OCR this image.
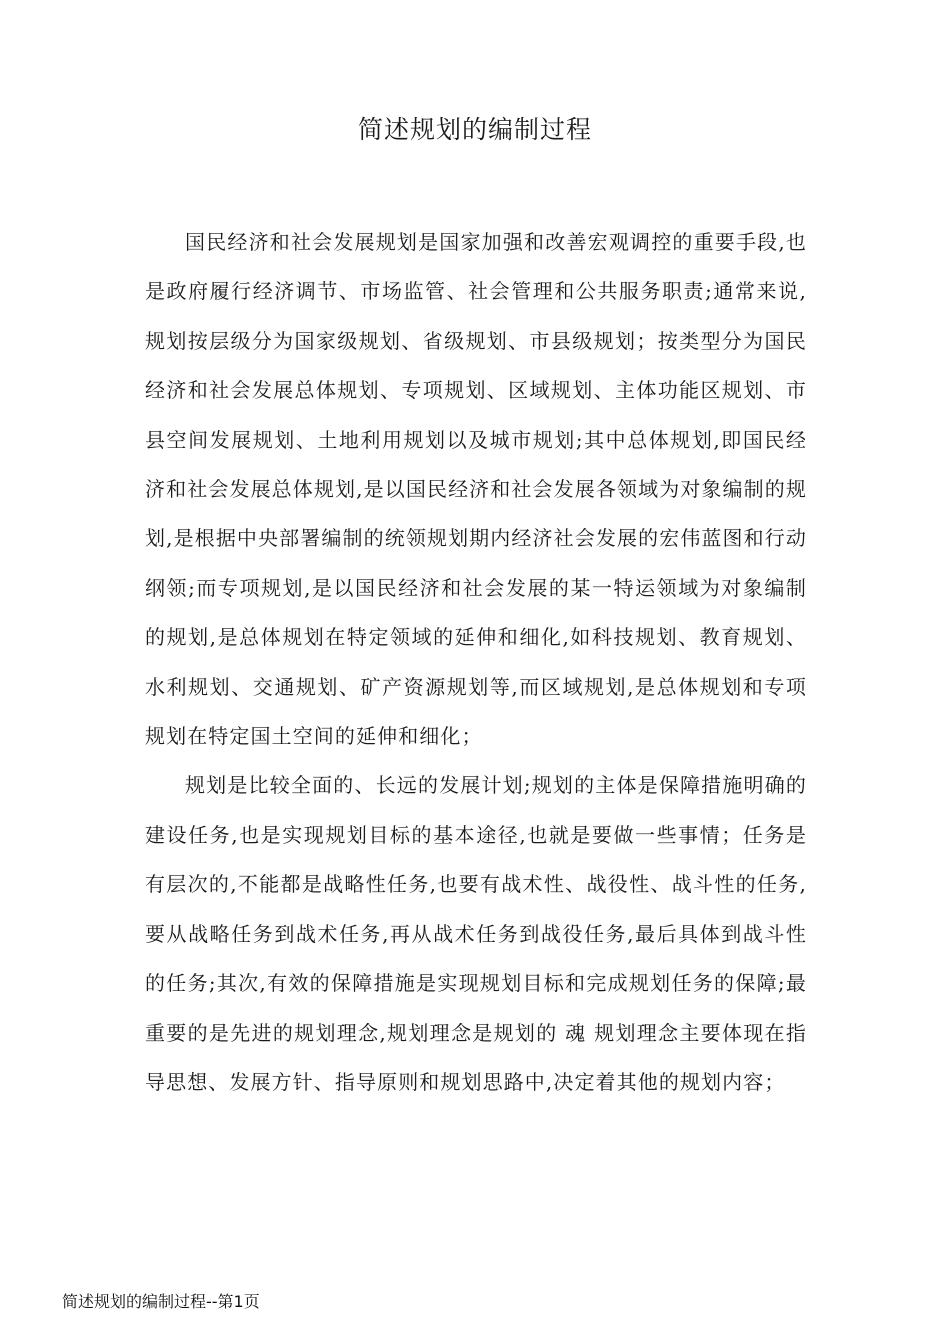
简述规划的编制过程

国民经济和社会发展规划是国家加强和改善宏观调控的重要手段,也是政府履行经济调节、市场监管、社会管理和公共服务职责;通常来说,规划按层级分为国家级规划、省级规划、市县级规划；按类型分为国民经济和社会发展总体规划、专项规划、区域规划、主体功能区规划、市县空间发展规划、土地利用规划以及城市规划;其中总体规划,即国民经济和社会发展总体规划,是以国民经济和社会发展各领域为对象编制的规划,是根据中央部署编制的统领规划期内经济社会发展的宏伟蓝图和行动纲领;而专项规划,是以国民经济和社会发展的某一特运领域为对象编制的规划,是总体规划在特定领域的延伸和细化,如科技规划、教育规划、水利规划、交通规划、矿产资源规划等,而区域规划,是总体规划和专项规划在特定国土空间的延伸和细化；

规划是比较全面的、长远的发展计划;规划的主体是保障措施明确的建设任务,也是实现规划目标的基本途径,也就是要做一些事情；任务是有层次的,不能都是战略性任务,也要有战术性、战役性、战斗性的任务,要从战略任务到战术任务,再从战术任务到战役任务,最后具体到战斗性的任务;其次,有效的保障措施是实现规划目标和完成规划任务的保障;最重要的是先进的规划理念,规划理念是规划的 魂 规划理念主要体现在指导思想、发展方针、指导原则和规划思路中,决定着其他的规划内容；

简述规划的编制过程--第1页
